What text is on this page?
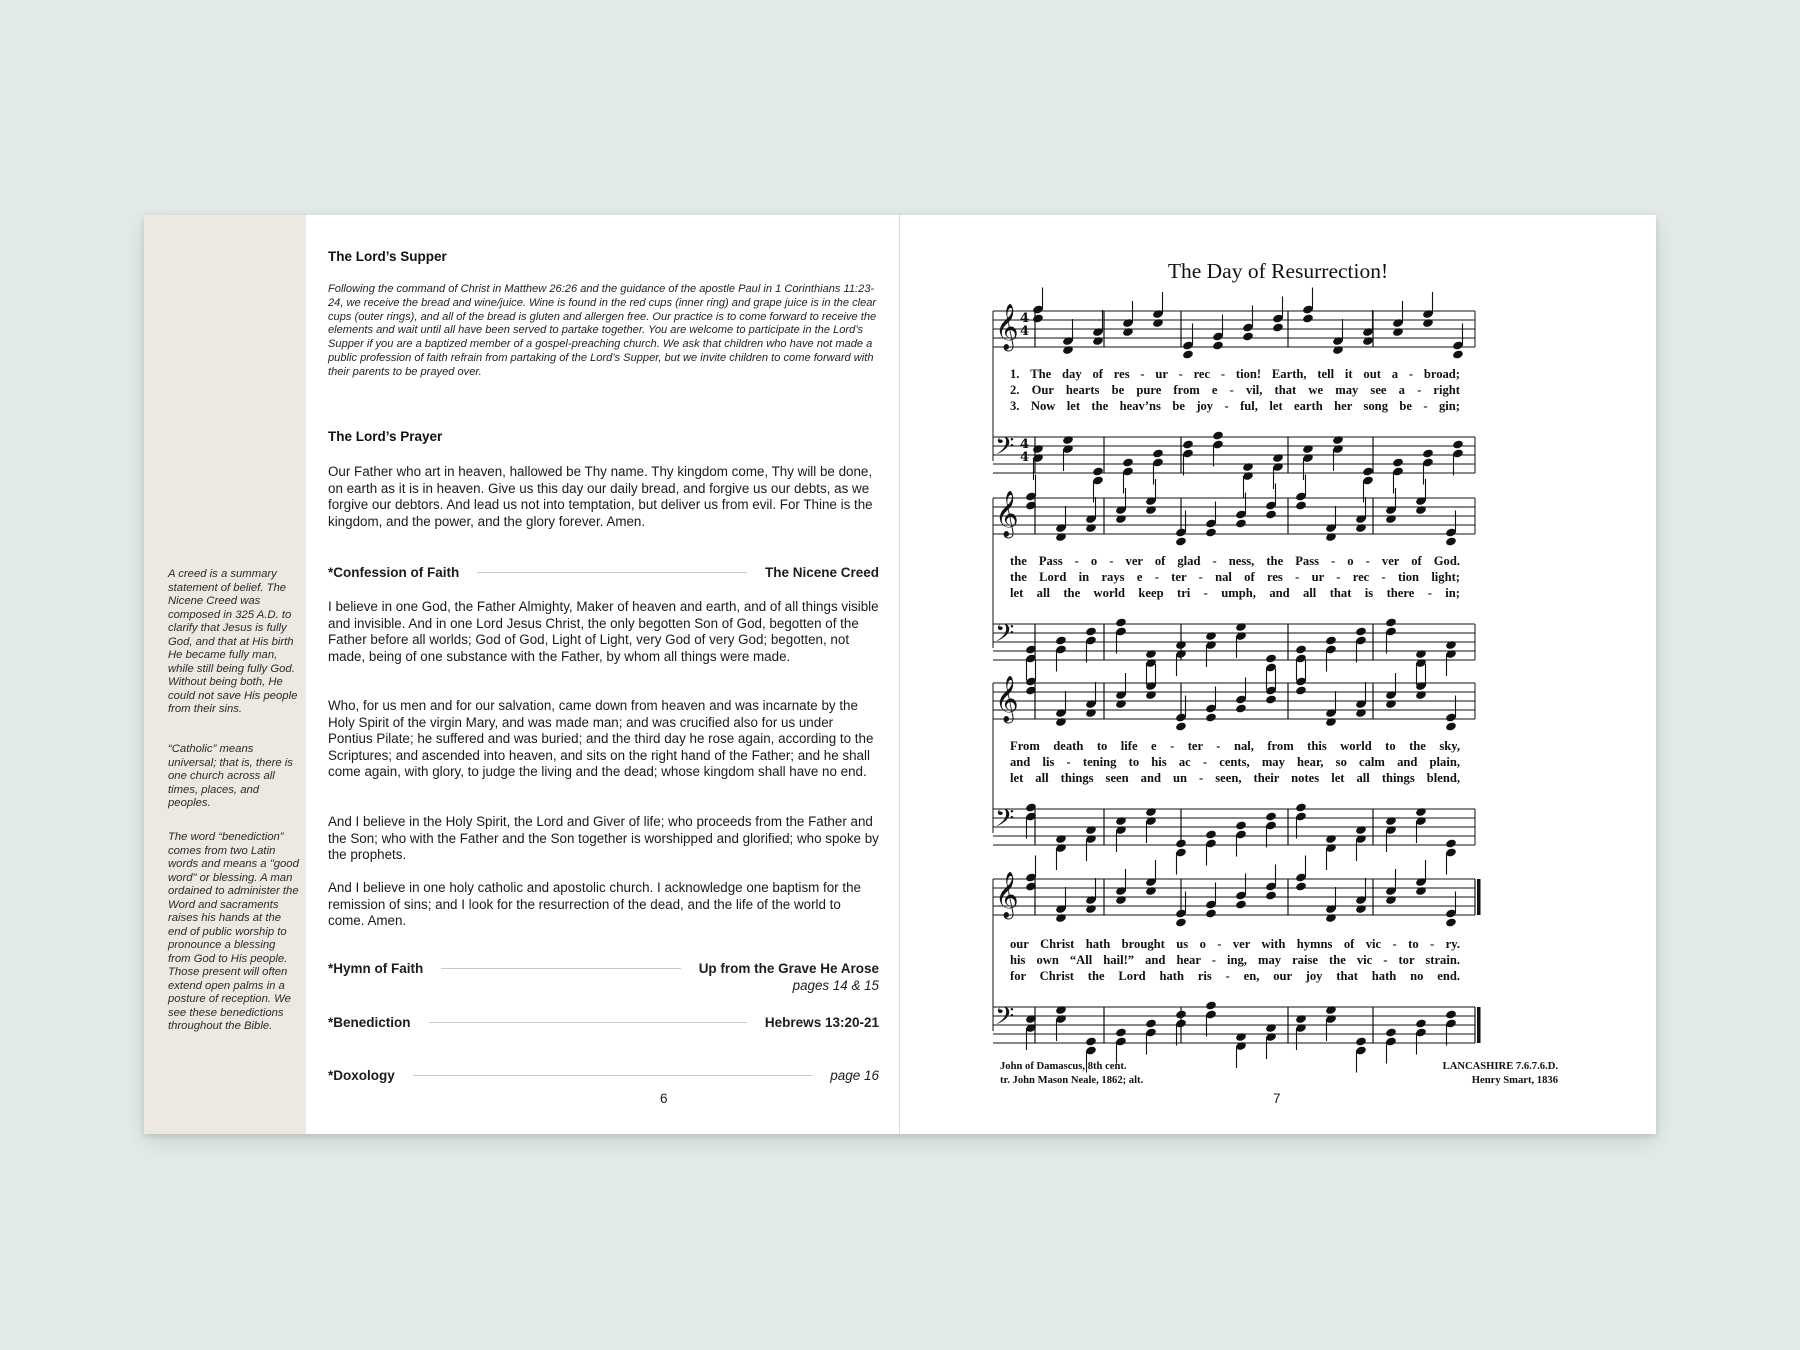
A creed is a summary statement of belief. The Nicene Creed was composed in 325 A.D. to clarify that Jesus is fully God, and that at His birth He became fully man, while still being fully God. Without being both, He could not save His people from their sins.

“Catholic” means universal; that is, there is one church across all times, places, and peoples.

The word “benediction” comes from two Latin words and means a "good word" or blessing. A man ordained to administer the Word and sacraments raises his hands at the end of public worship to pronounce a blessing from God to His people. Those present will often extend open palms in a posture of reception. We see these benedictions throughout the Bible.

The Lord’s Supper

Following the command of Christ in Matthew 26:26 and the guidance of the apostle Paul in 1 Corinthians 11:23-24, we receive the bread and wine/juice. Wine is found in the red cups (inner ring) and grape juice is in the clear cups (outer rings), and all of the bread is gluten and allergen free. Our practice is to come forward to receive the elements and wait until all have been served to partake together. You are welcome to participate in the Lord’s Supper if you are a baptized member of a gospel-preaching church. We ask that children who have not made a public profession of faith refrain from partaking of the Lord’s Supper, but we invite children to come forward with their parents to be prayed over.

The Lord’s Prayer

Our Father who art in heaven, hallowed be Thy name. Thy kingdom come, Thy will be done, on earth as it is in heaven. Give us this day our daily bread, and forgive us our debts, as we forgive our debtors. And lead us not into temptation, but deliver us from evil. For Thine is the kingdom, and the power, and the glory forever. Amen.

*Confession of Faith	The Nicene Creed

I believe in one God, the Father Almighty, Maker of heaven and earth, and of all things visible and invisible. And in one Lord Jesus Christ, the only begotten Son of God, begotten of the Father before all worlds; God of God, Light of Light, very God of very God; begotten, not made, being of one substance with the Father, by whom all things were made.

Who, for us men and for our salvation, came down from heaven and was incarnate by the Holy Spirit of the virgin Mary, and was made man; and was crucified also for us under Pontius Pilate; he suffered and was buried; and the third day he rose again, according to the Scriptures; and ascended into heaven, and sits on the right hand of the Father; and he shall come again, with glory, to judge the living and the dead; whose kingdom shall have no end.

And I believe in the Holy Spirit, the Lord and Giver of life; who proceeds from the Father and the Son; who with the Father and the Son together is worshipped and glorified; who spoke by the prophets.

And I believe in one holy catholic and apostolic church. I acknowledge one baptism for the remission of sins; and I look for the resurrection of the dead, and the life of the world to come. Amen.

*Hymn of Faith	Up from the Grave He Arose

pages 14 & 15

*Benediction	Hebrews 13:20-21
*Doxology	page 16

6

The Day of Resurrection!

𝄞 4
4
𝄢 4
4
𝄞
𝄢
𝄞
𝄢
𝄞
𝄢

1. The day of res - ur - rec - tion! Earth, tell it out a - broad;

2. Our hearts be pure from e - vil, that we may see a - right

3. Now let the heav’ns be joy - ful, let earth her song be - gin;

the Pass - o - ver of glad - ness, the Pass - o - ver of God.

the Lord in rays e - ter - nal of res - ur - rec - tion light;

let all the world keep tri - umph, and all that is there - in;

From death to life e - ter - nal, from this world to the sky,

and lis - tening to his ac - cents, may hear, so calm and plain,

let all things seen and un - seen, their notes let all things blend,

our Christ hath brought us o - ver with hymns of vic - to - ry.

his own “All hail!” and hear - ing, may raise the vic - tor strain.

for Christ the Lord hath ris - en, our joy that hath no end.

John of Damascus, 8th cent.

tr. John Mason Neale, 1862; alt.

LANCASHIRE 7.6.7.6.D.

Henry Smart, 1836

7
